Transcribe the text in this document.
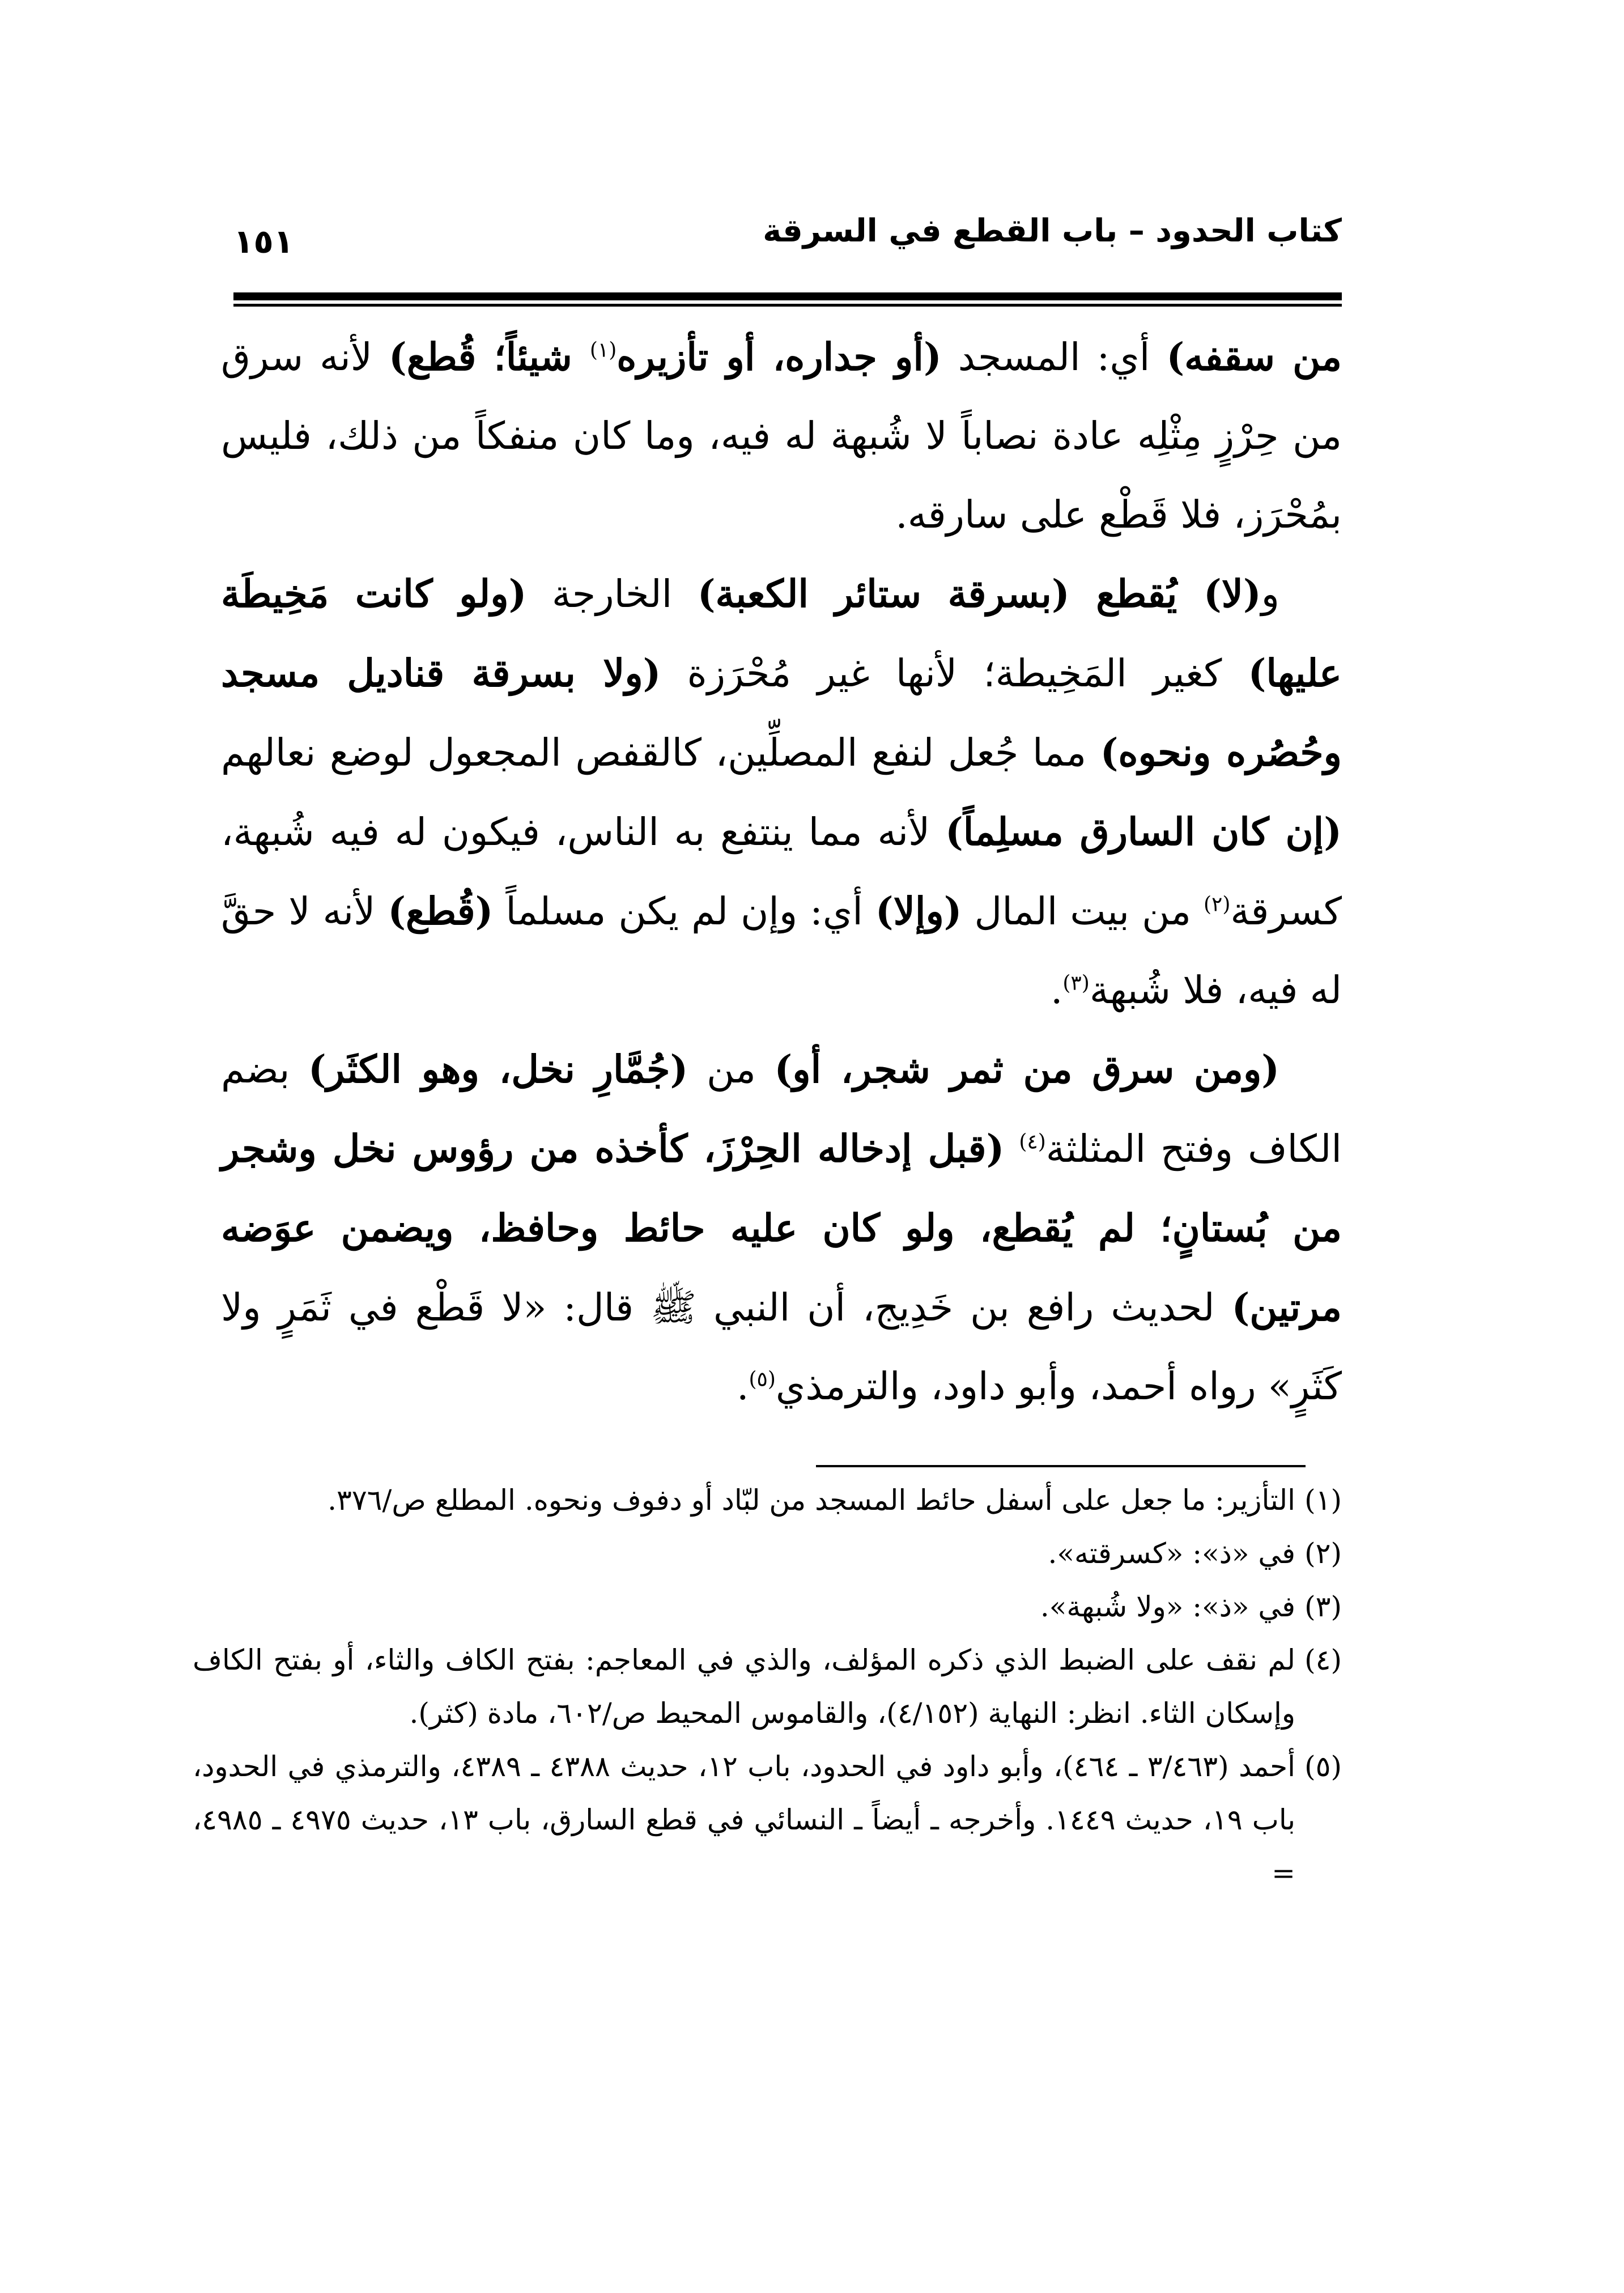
كتاب الحدود – باب القطع في السرقة
١٥١

من سقفه) أي: المسجد (أو جداره، أو تأزيره$^{(١)}$ شيئاً؛ قُطع) لأنه سرق من حِرْزٍ مِثْلِه عادة نصاباً لا شُبهة له فيه، وما كان منفكاً من ذلك، فليس بمُحْرَز، فلا قَطْع على سارقه.

و(لا) يُقطع (بسرقة ستائر الكعبة) الخارجة (ولو كانت مَخِيطَة عليها) كغير المَخِيطة؛ لأنها غير مُحْرَزة (ولا بسرقة قناديل مسجد وحُصُره ونحوه) مما جُعل لنفع المصلِّين، كالقفص المجعول لوضع نعالهم (إن كان السارق مسلِماً) لأنه مما ينتفع به الناس، فيكون له فيه شُبهة، كسرقة$^{(٢)}$ من بيت المال (وإلا) أي: وإن لم يكن مسلماً (قُطع) لأنه لا حقَّ له فيه، فلا شُبهة$^{(٣)}$.

(ومن سرق من ثمر شجر، أو) من (جُمَّارِ نخل، وهو الكثَر) بضم الكاف وفتح المثلثة$^{(٤)}$ (قبل إدخاله الحِرْزَ، كأخذه من رؤوس نخل وشجر من بُستانٍ؛ لم يُقطع، ولو كان عليه حائط وحافظ، ويضمن عوَضه مرتين) لحديث رافع بن خَدِيج، أن النبي ﷺ قال: «لا قَطْع في ثَمَرٍ ولا كَثَرٍ» رواه أحمد، وأبو داود، والترمذي$^{(٥)}$.

(١)
التأزير: ما جعل على أسفل حائط المسجد من لبّاد أو دفوف ونحوه. المطلع ص/٣٧٦.
(٢)
في «ذ»: «كسرقته».
(٣)
في «ذ»: «ولا شُبهة».
(٤)
لم نقف على الضبط الذي ذكره المؤلف، والذي في المعاجم: بفتح الكاف والثاء، أو بفتح الكاف وإسكان الثاء. انظر: النهاية (٤/١٥٢)، والقاموس المحيط ص/٦٠٢، مادة (كثر).
(٥)
أحمد (٣/٤٦٣ ـ ٤٦٤)، وأبو داود في الحدود، باب ١٢، حديث ٤٣٨٨ ـ ٤٣٨٩، والترمذي في الحدود، باب ١٩، حديث ١٤٤٩. وأخرجه ـ أيضاً ـ النسائي في قطع السارق، باب ١٣، حديث ٤٩٧٥ ـ ٤٩٨٥، =
